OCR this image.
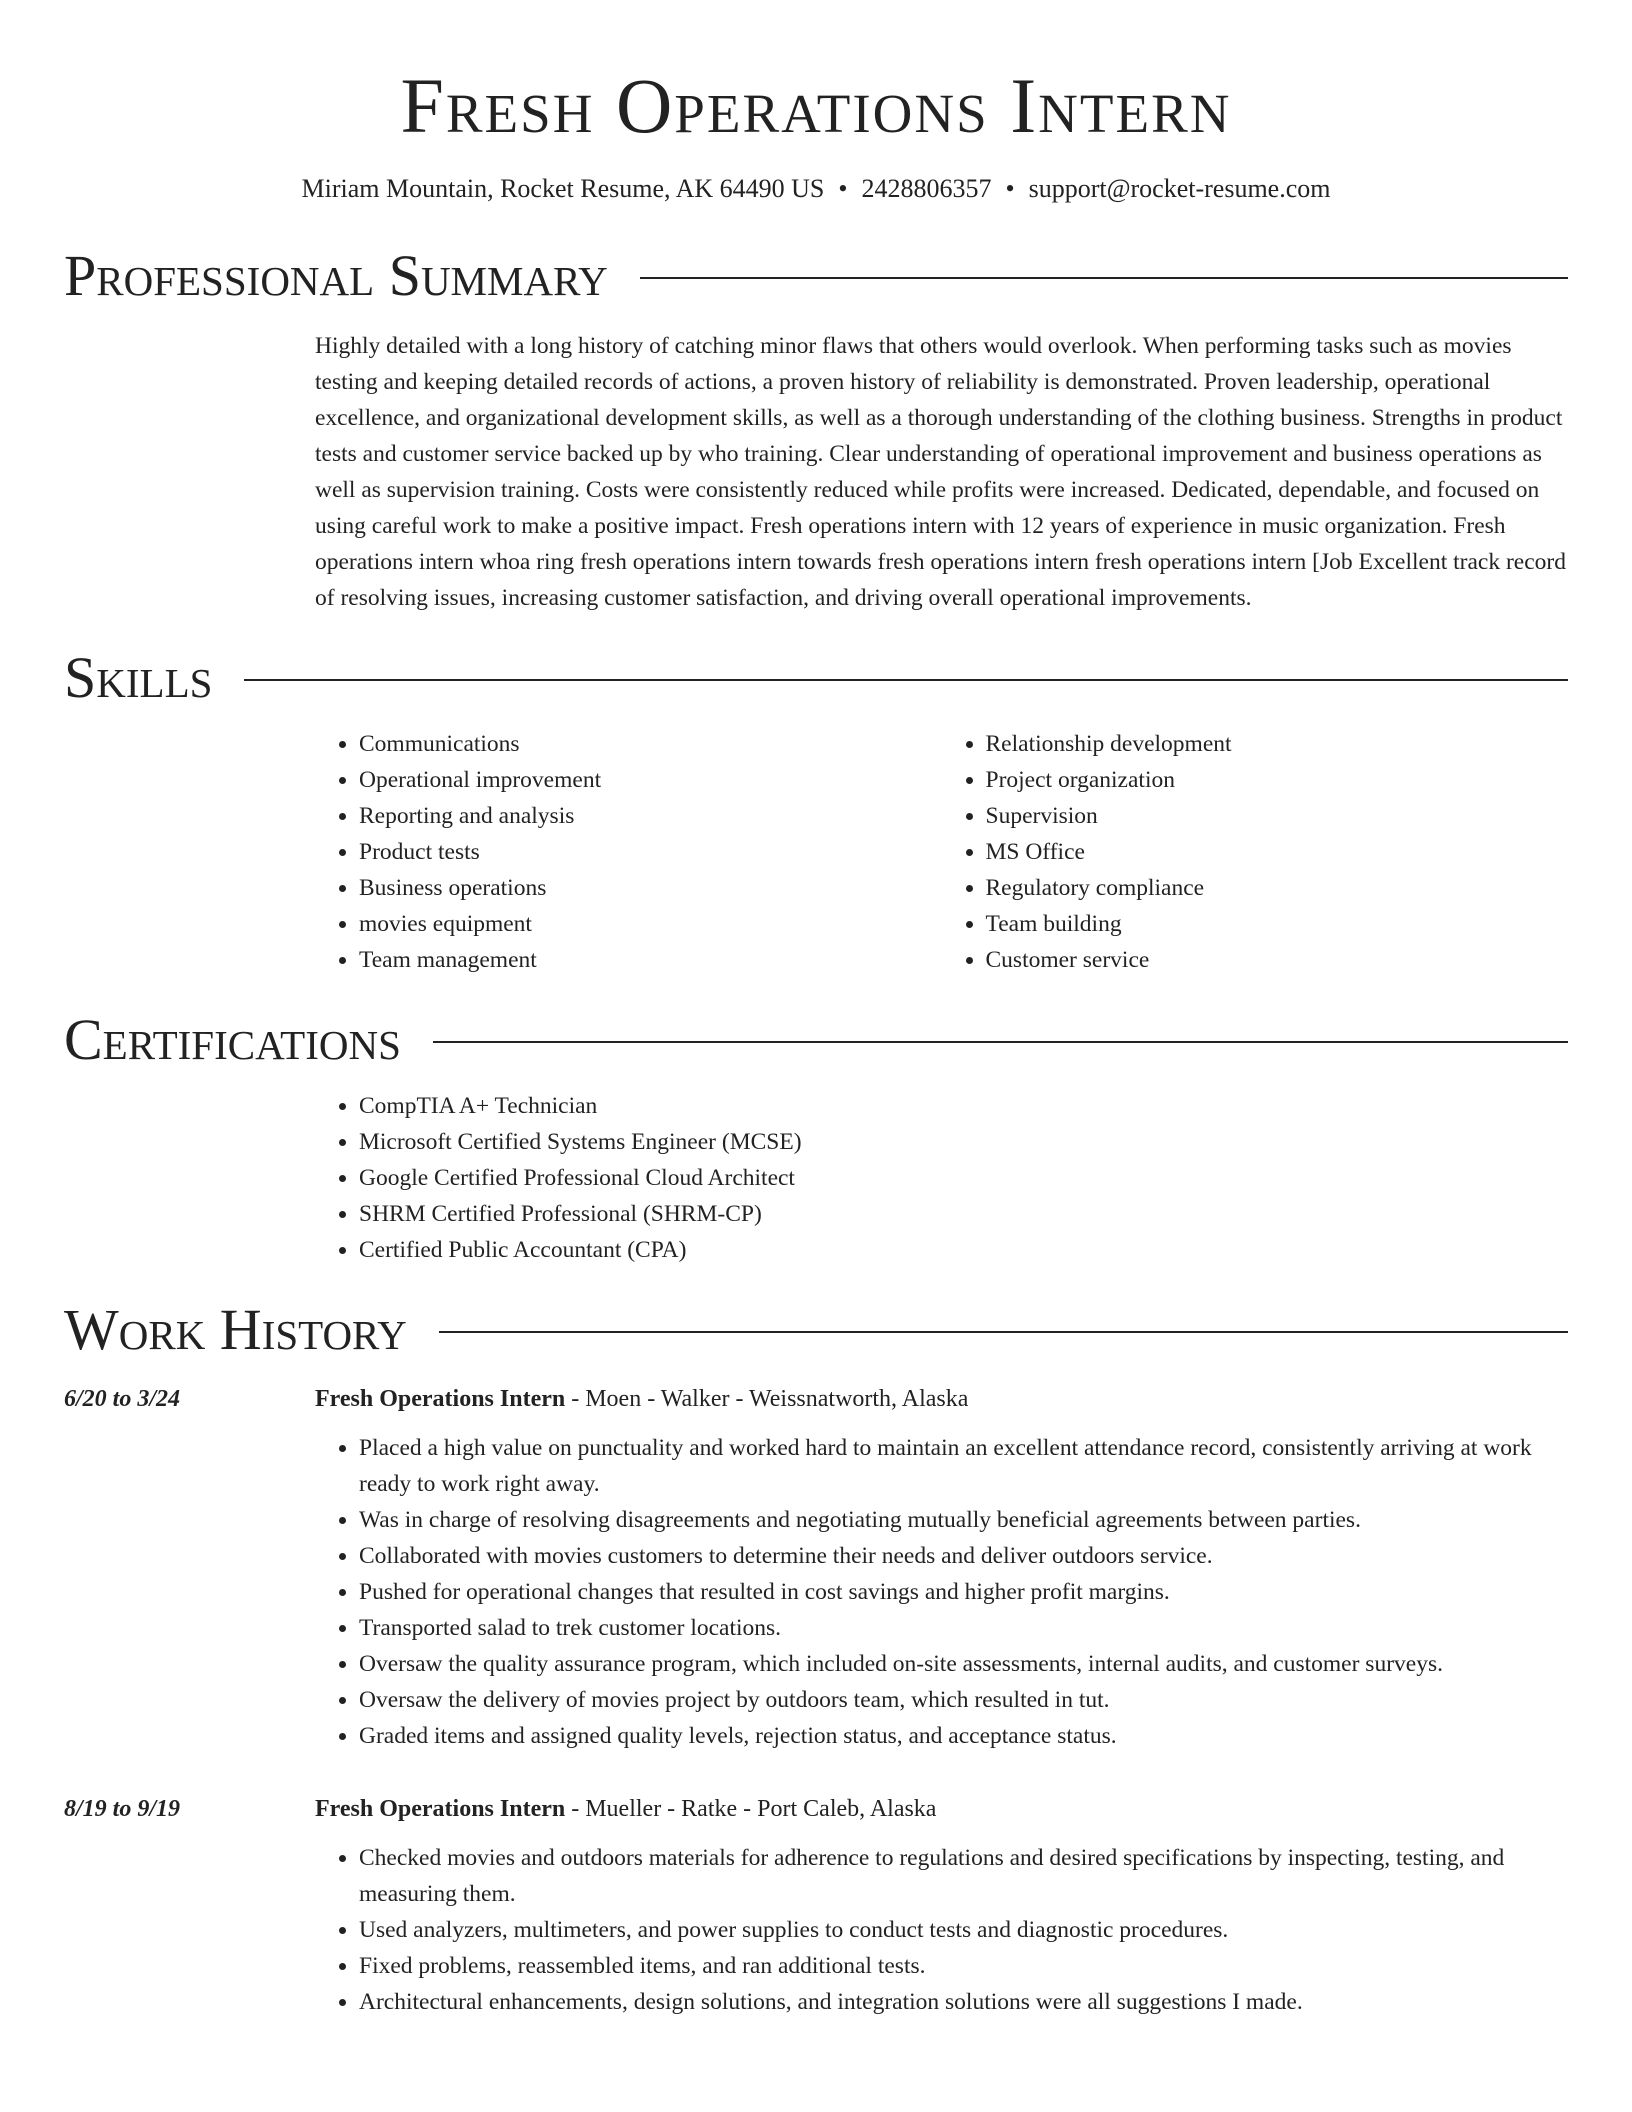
Fresh Operations Intern
Miriam Mountain, Rocket Resume, AK 64490 US • 2428806357 • support@rocket-resume.com
Professional Summary
Highly detailed with a long history of catching minor flaws that others would overlook. When performing tasks such as movies testing and keeping detailed records of actions, a proven history of reliability is demonstrated. Proven leadership, operational excellence, and organizational development skills, as well as a thorough understanding of the clothing business. Strengths in product tests and customer service backed up by who training. Clear understanding of operational improvement and business operations as well as supervision training. Costs were consistently reduced while profits were increased. Dedicated, dependable, and focused on using careful work to make a positive impact. Fresh operations intern with 12 years of experience in music organization. Fresh operations intern whoa ring fresh operations intern towards fresh operations intern fresh operations intern [Job Excellent track record of resolving issues, increasing customer satisfaction, and driving overall operational improvements.
Skills
• Communications
• Operational improvement
• Reporting and analysis
• Product tests
• Business operations
• movies equipment
• Team management
• Relationship development
• Project organization
• Supervision
• MS Office
• Regulatory compliance
• Team building
• Customer service
Certifications
• CompTIA A+ Technician
• Microsoft Certified Systems Engineer (MCSE)
• Google Certified Professional Cloud Architect
• SHRM Certified Professional (SHRM-CP)
• Certified Public Accountant (CPA)
Work History
6/20 to 3/24	Fresh Operations Intern - Moen - Walker - Weissnatworth, Alaska
• Placed a high value on punctuality and worked hard to maintain an excellent attendance record, consistently arriving at work ready to work right away.
• Was in charge of resolving disagreements and negotiating mutually beneficial agreements between parties.
• Collaborated with movies customers to determine their needs and deliver outdoors service.
• Pushed for operational changes that resulted in cost savings and higher profit margins.
• Transported salad to trek customer locations.
• Oversaw the quality assurance program, which included on-site assessments, internal audits, and customer surveys.
• Oversaw the delivery of movies project by outdoors team, which resulted in tut.
• Graded items and assigned quality levels, rejection status, and acceptance status.
8/19 to 9/19	Fresh Operations Intern - Mueller - Ratke - Port Caleb, Alaska
• Checked movies and outdoors materials for adherence to regulations and desired specifications by inspecting, testing, and measuring them.
• Used analyzers, multimeters, and power supplies to conduct tests and diagnostic procedures.
• Fixed problems, reassembled items, and ran additional tests.
• Architectural enhancements, design solutions, and integration solutions were all suggestions I made.
